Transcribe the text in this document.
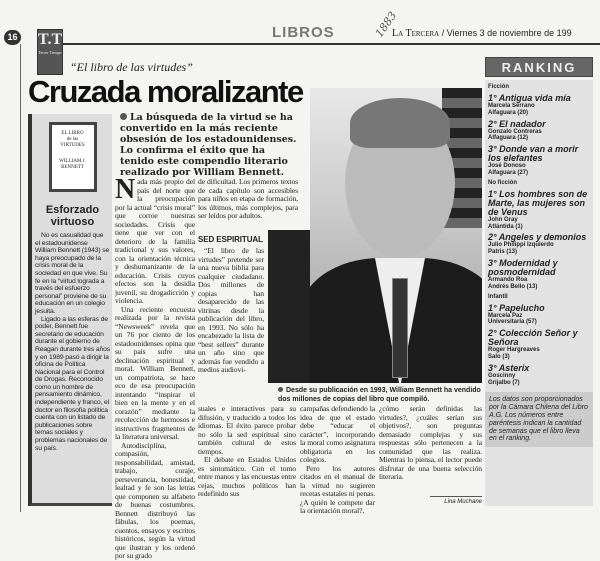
16 T.T
Tercer Tiempo
LIBROS	1883
La Tercera / Viernes 3 de noviembre de 199
“El libro de las virtudes”
Cruzada moralizante
EL LIBRO
de las
VIRTUDES
WILLIAM J.
BENNETT
Esforzado virtuoso

No es casualidad que el estadounidense William Bennett (1943) se haya preocupado de la crisis moral de la sociedad en que vive. Su fe en la “virtud lograda a través del esfuerzo personal” proviene de su educación en un colegio jesuita.

Ligado a las esferas de poder, Bennett fue secretario de educación durante el gobierno de Reagan durante tres años y en 1989 pasó a dirigir la oficina de Política Nacional para el Control de Drogas. Reconocido como un hombre de pensamiento dinámico, independiente y franco, el doctor en filosofía política cuenta con un listado de publicaciones sobre temas sociales y problemas nacionales de su país.

La búsqueda de la virtud se ha convertido en la más reciente obsesión de los estadounidenses. Lo confirma el éxito que ha tenido este compendio literario realizado por William Bennett.

Nada más propio del país del norte que la preocupación por la actual “crisis moral” que corroe nuestras sociedades. Crisis que tiene que ver con el deterioro de la familia tradicional y sus valores, con la orientación técnica y deshumanizante de la educación. Crisis cuyos efectos son la desidia juvenil, su drogadicción y violencia.

Una reciente encuesta realizada por la revista “Newsweek” revela que un 76 por ciento de los estadounidenses opina que su país sufre una declinación espiritual y moral. William Bennett, un compatriota, se hace eco de esa preocupación intentando “inspirar el bien en la mente y en el corazón” mediante la recolección de hermosos e instructivos fragmentos de la literatura universal.

Autodisciplina, compasión, responsabilidad, amistad, trabajo, coraje, perseverancia, honestidad, lealtad y fe son las letras que componen su alfabeto de buenas costumbres. Bennett distribuyó las fábulas, los poemas, cuentos, ensayos y escritos históricos, según la virtud que ilustran y los ordenó por su grado

de dificultad. Los primeros textos de cada capítulo son accesibles para niños en etapa de formación, los últimos, más complejos, para ser leídos por adultos.

SED ESPIRITUAL

“El libro de las virtudes” pretende ser una nueva biblia para cualquier ciudadano. Dos millones de copias han desaparecido de las vitrinas desde la publicación del libro, en 1993. No sólo ha encabezado la lista de “best sellers” durante un año sino que además fue vendido a medios audiovi-

suales e interactivos para su difusión, y traducido a todos los idiomas. El éxito parece probar no sólo la sed espiritual sino también cultural de estos tiempos.

El debate en Estados Unidos es sintomático. Con el tomo entre manos y las encuestas entre cejas, muchos políticos han redefinido sus

COPESA
Desde su publicación en 1993, William Bennett ha vendido dos millones de copias del libro que compiló.

campañas defendiendo la idea de que el estado debe “educar el carácter”, incorporando la moral como asignatura obligatoria en los colegios.

Pero los autores citados en el manual de la virtud no sugieren recetas estatales ni penas. ¿A quién le compete dar la orientación moral?,

¿cómo serán definidas las virtudes?, ¿cuáles serían sus objetivos?, son preguntas demasiado complejas y sus respuestas sólo pertenecen a la comunidad que las realiza. Mientras lo piensa, el lector puede disfrutar de una buena selección literaria.

Lina Muchane
RANKING
Ficción
1° Antigua vida mía
Marcela Serrano
Alfaguara (20)
2° El nadador
Gonzalo Contreras
Alfaguara (12)
3° Donde van a morir los elefantes
José Donoso
Alfaguara (27)
No ficción
1° Los hombres son de Marte, las mujeres son de Venus
John Gray
Atlántida (1)
2° Angeles y demonios
Julio Philippi Izquierdo
Patris (13)
3° Modernidad y posmodernidad
Armando Roa
Andrés Bello (13)
Infantil
1° Papelucho
Marcela Paz
Universitaria (57)
2° Colección Señor y Señora
Roger Hargreaves
Salo (3)
3° Asterix
Goscinny
Grijalbo (7)
Los datos son proporcionados por la Cámara Chilena del Libro A.G. Los números entre paréntesis indican la cantidad de semanas que el libro lleva en el ranking.
